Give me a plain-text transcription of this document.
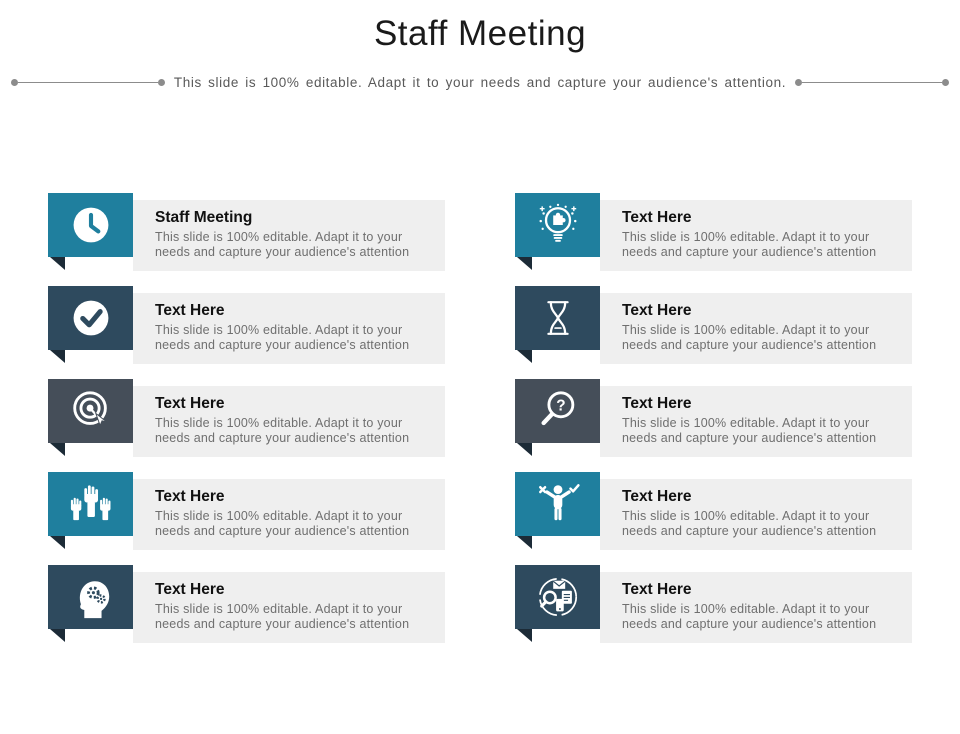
Staff Meeting
This slide is 100% editable. Adapt it to your needs and capture your audience's attention.
Staff Meeting
This slide is 100% editable. Adapt it to your needs and capture your audience's attention
Text Here
This slide is 100% editable. Adapt it to your needs and capture your audience's attention
Text Here
This slide is 100% editable. Adapt it to your needs and capture your audience's attention
Text Here
This slide is 100% editable. Adapt it to your needs and capture your audience's attention
Text Here
This slide is 100% editable. Adapt it to your needs and capture your audience's attention
?	Text Here
This slide is 100% editable. Adapt it to your needs and capture your audience's attention
Text Here
This slide is 100% editable. Adapt it to your needs and capture your audience's attention
Text Here
This slide is 100% editable. Adapt it to your needs and capture your audience's attention
Text Here
This slide is 100% editable. Adapt it to your needs and capture your audience's attention
Text Here
This slide is 100% editable. Adapt it to your needs and capture your audience's attention
